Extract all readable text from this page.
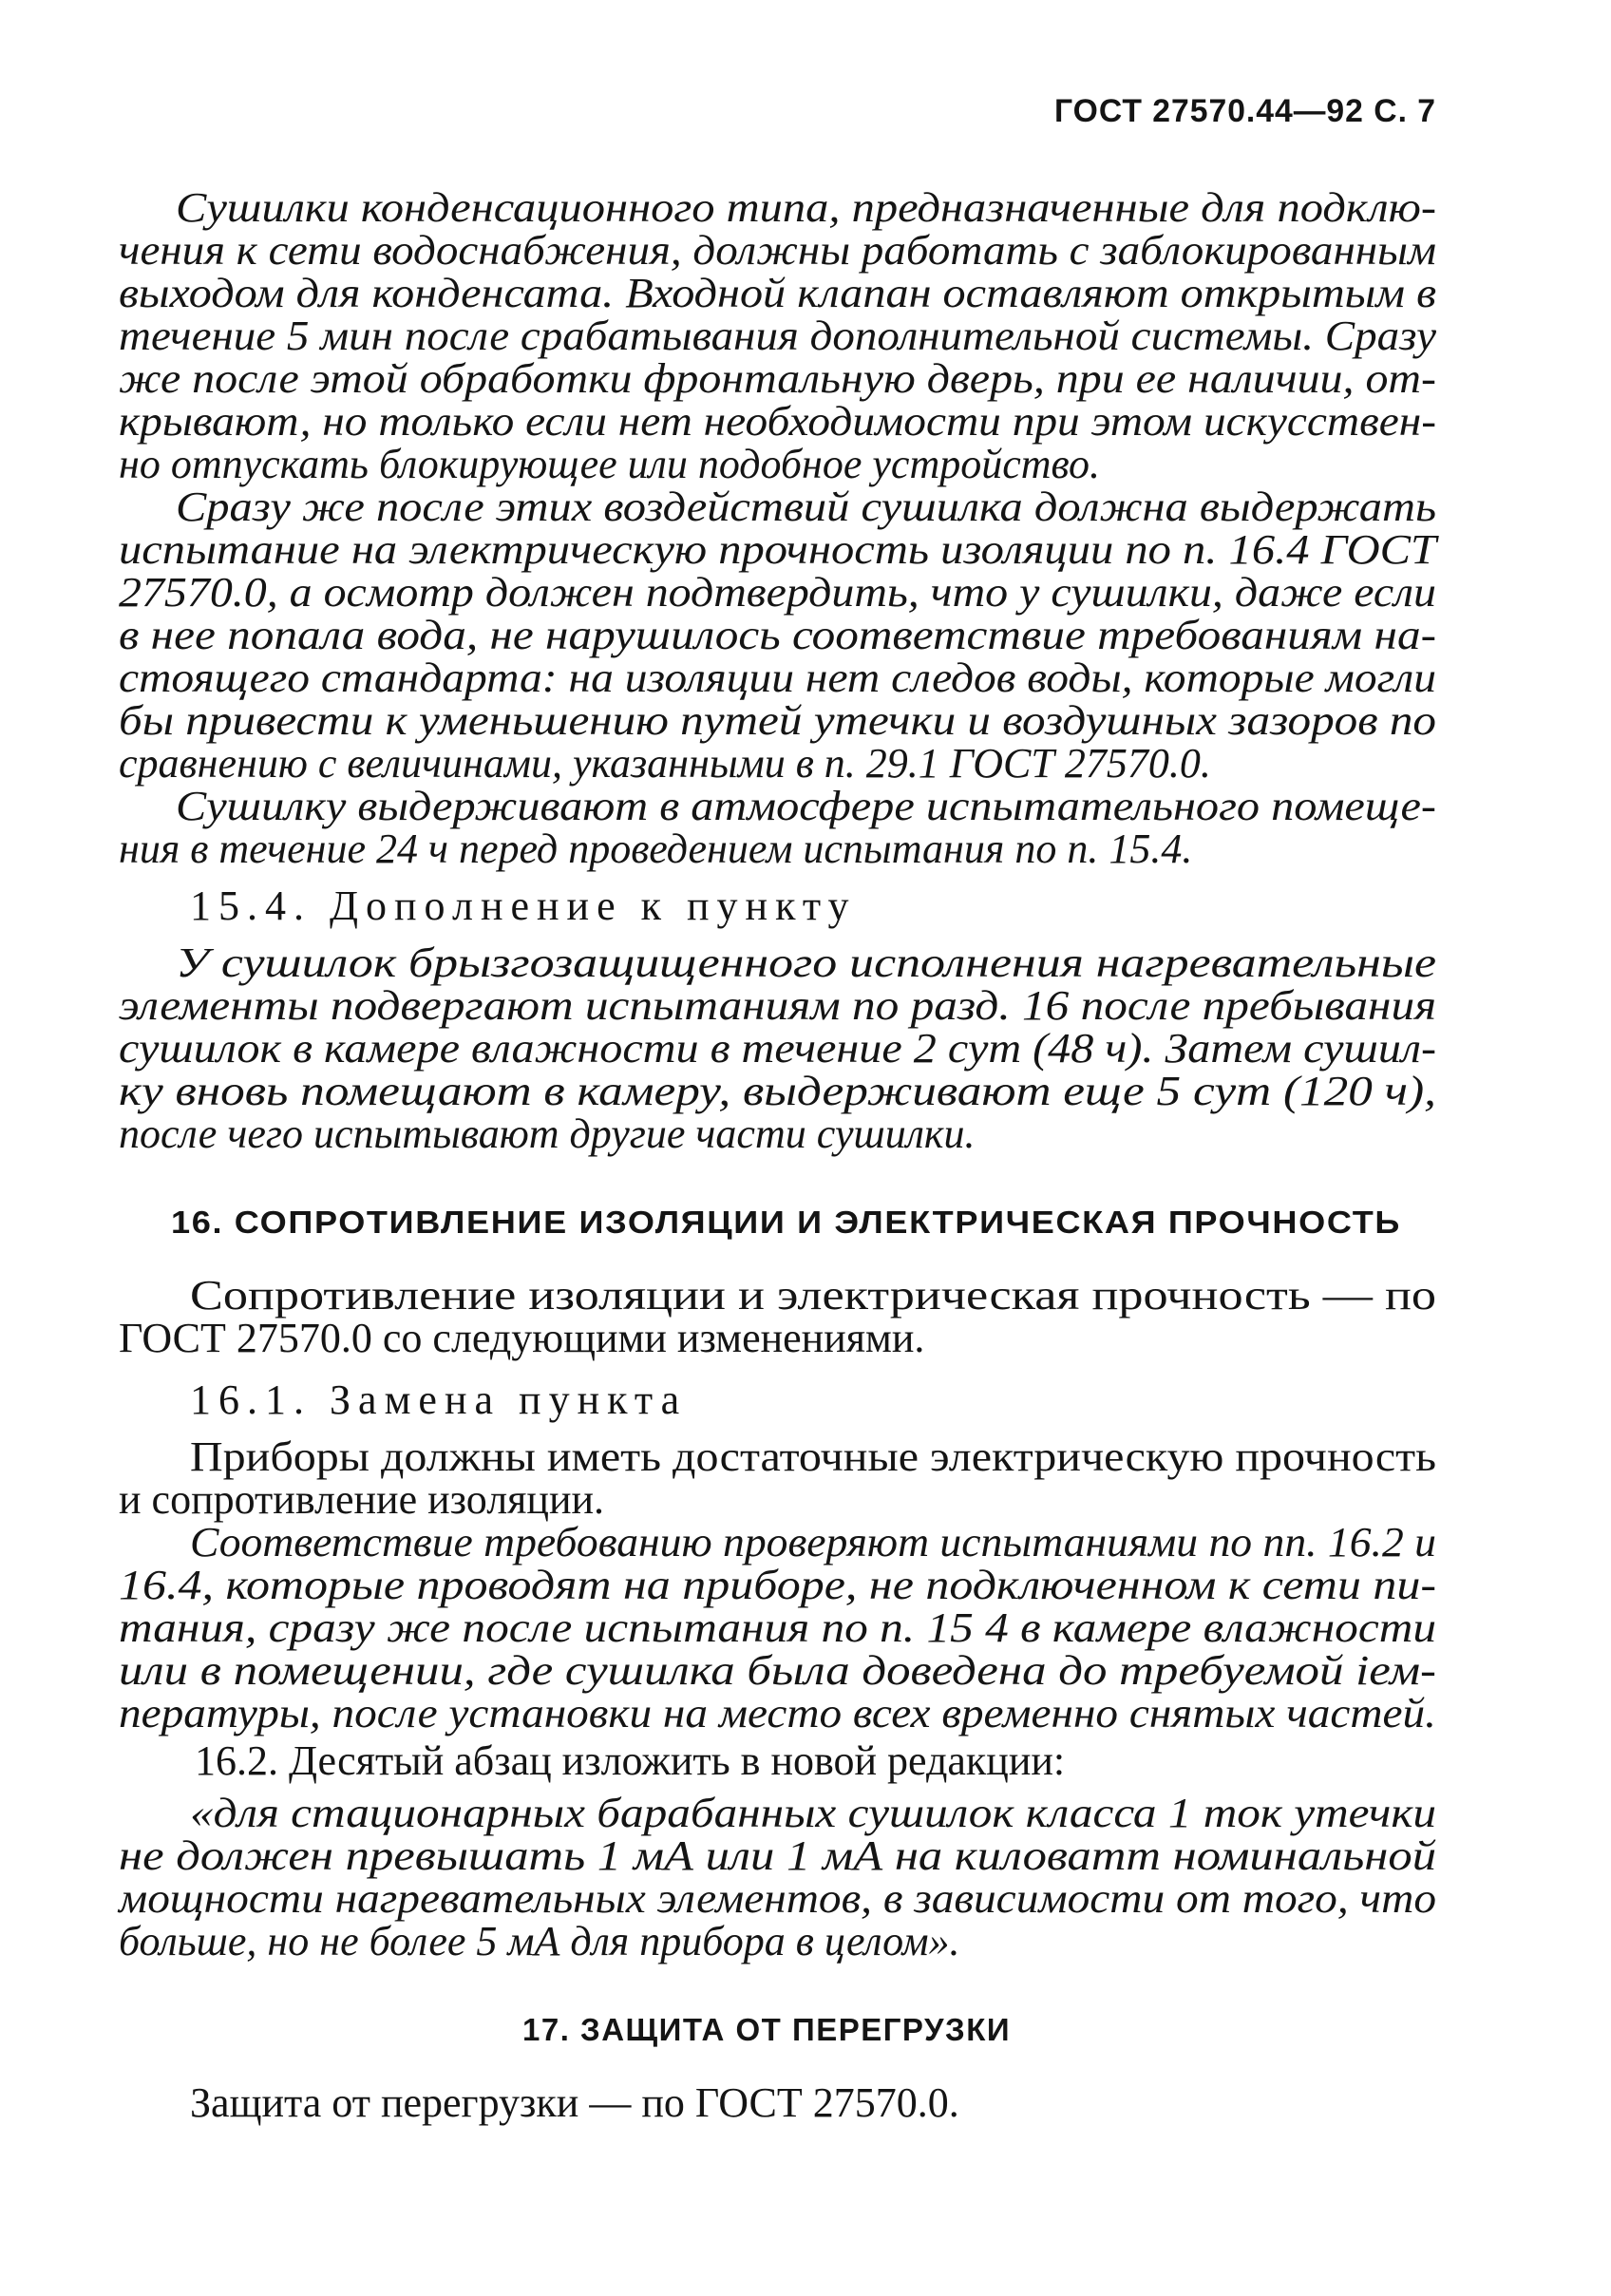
ГОСТ 27570.44—92 С. 7
Сушилки конденсационного типа, предназначенные для подклю-
чения к сети водоснабжения, должны работать с заблокированным
выходом для конденсата. Входной клапан оставляют открытым в
течение 5 мин после срабатывания дополнительной системы. Сразу
же после этой обработки фронтальную дверь, при ее наличии, от-
крывают, но только если нет необходимости при этом искусствен-
но отпускать блокирующее или подобное устройство.
Сразу же после этих воздействий сушилка должна выдержать
испытание на электрическую прочность изоляции по п. 16.4 ГОСТ
27570.0, а осмотр должен подтвердить, что у сушилки, даже если
в нее попала вода, не нарушилось соответствие требованиям на-
стоящего стандарта: на изоляции нет следов воды, которые могли
бы привести к уменьшению путей утечки и воздушных зазоров по
сравнению с величинами, указанными в п. 29.1 ГОСТ 27570.0.
Сушилку выдерживают в атмосфере испытательного помеще-
ния в течение 24 ч перед проведением испытания по п. 15.4.
15.4. Дополнение к пункту
У сушилок брызгозащищенного исполнения нагревательные
элементы подвергают испытаниям по разд. 16 после пребывания
сушилок в камере влажности в течение 2 сут (48 ч). Затем сушил-
ку вновь помещают в камеру, выдерживают еще 5 сут (120 ч),
после чего испытывают другие части сушилки.
16. СОПРОТИВЛЕНИЕ ИЗОЛЯЦИИ И ЭЛЕКТРИЧЕСКАЯ ПРОЧНОСТЬ
Сопротивление изоляции и электрическая прочность — по
ГОСТ 27570.0 со следующими изменениями.
16.1. Замена пункта
Приборы должны иметь достаточные электрическую прочность
и сопротивление изоляции.
Соответствие требованию проверяют испытаниями по пп. 16.2 и
16.4, которые проводят на приборе, не подключенном к сети пи-
тания, сразу же после испытания по п. 15 4 в камере влажности
или в помещении, где сушилка была доведена до требуемой iем-
пературы, после установки на место всех временно снятых частей.
16.2. Десятый абзац изложить в новой редакции:
«для стационарных барабанных сушилок класса 1 ток утечки
не должен превышать 1 мА или 1 мА на киловатт номинальной
мощности нагревательных элементов, в зависимости от того, что
больше, но не более 5 мА для прибора в целом».
17. ЗАЩИТА ОТ ПЕРЕГРУЗКИ
Защита от перегрузки — по ГОСТ 27570.0.
